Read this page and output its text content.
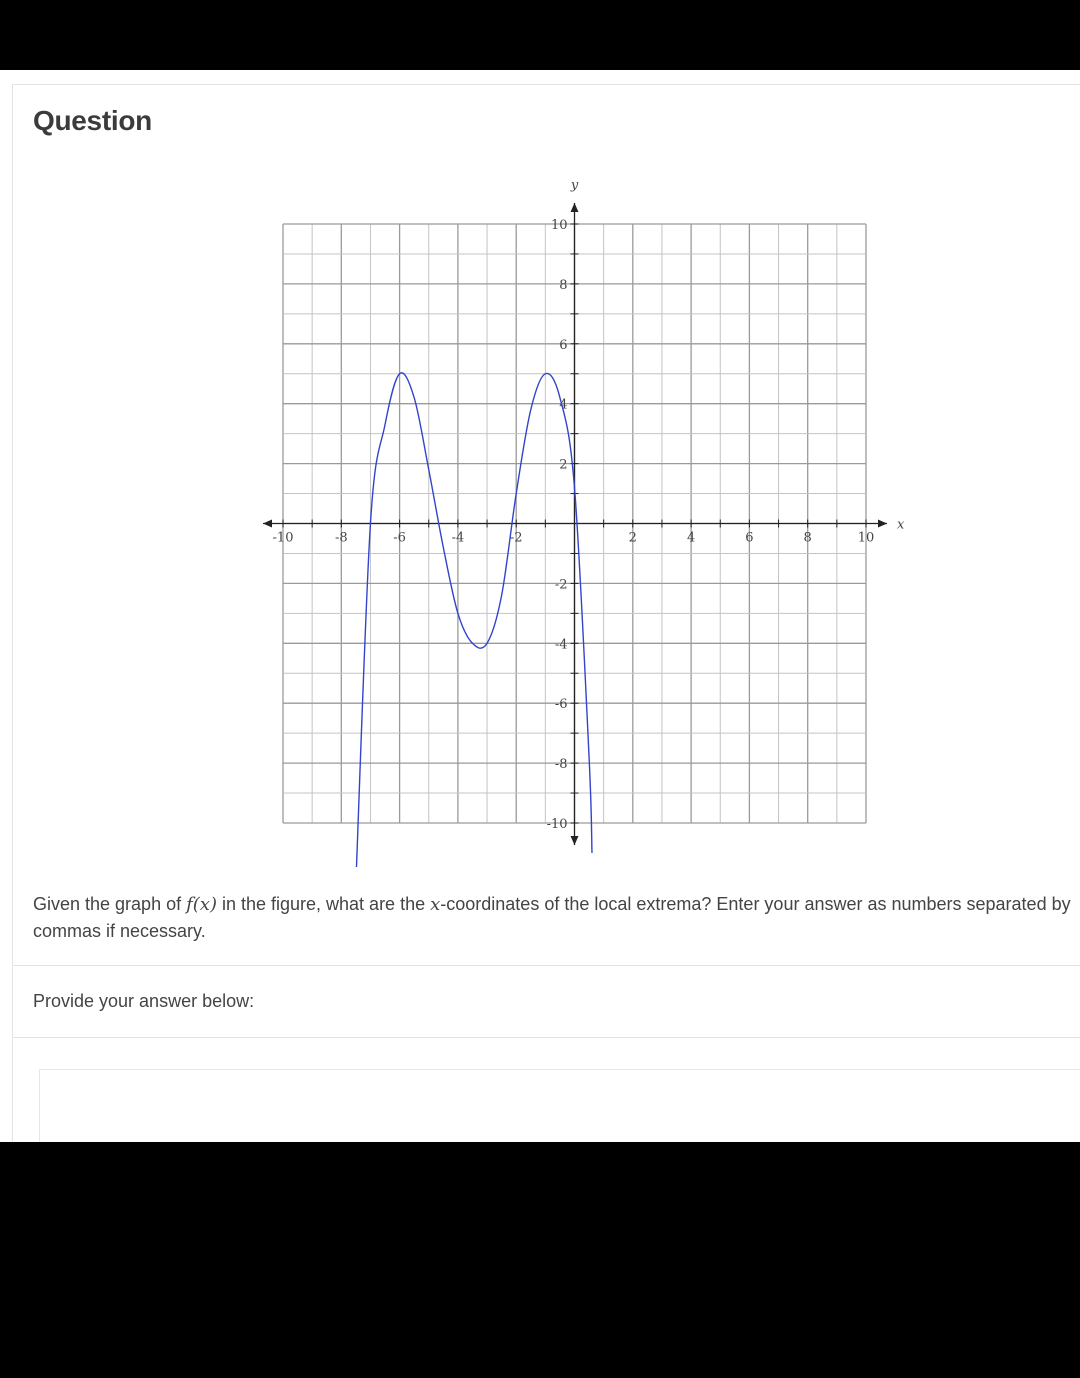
Question
-10	-8	-6	-4	-2	2	4	6	8	10
10
8
6
4
2
-2
-4
-6
-8
-10
x
y
Given the graph of f(x) in the figure, what are the x-coordinates of the local extrema? Enter your answer as numbers separated by commas if necessary.
Provide your answer below:
